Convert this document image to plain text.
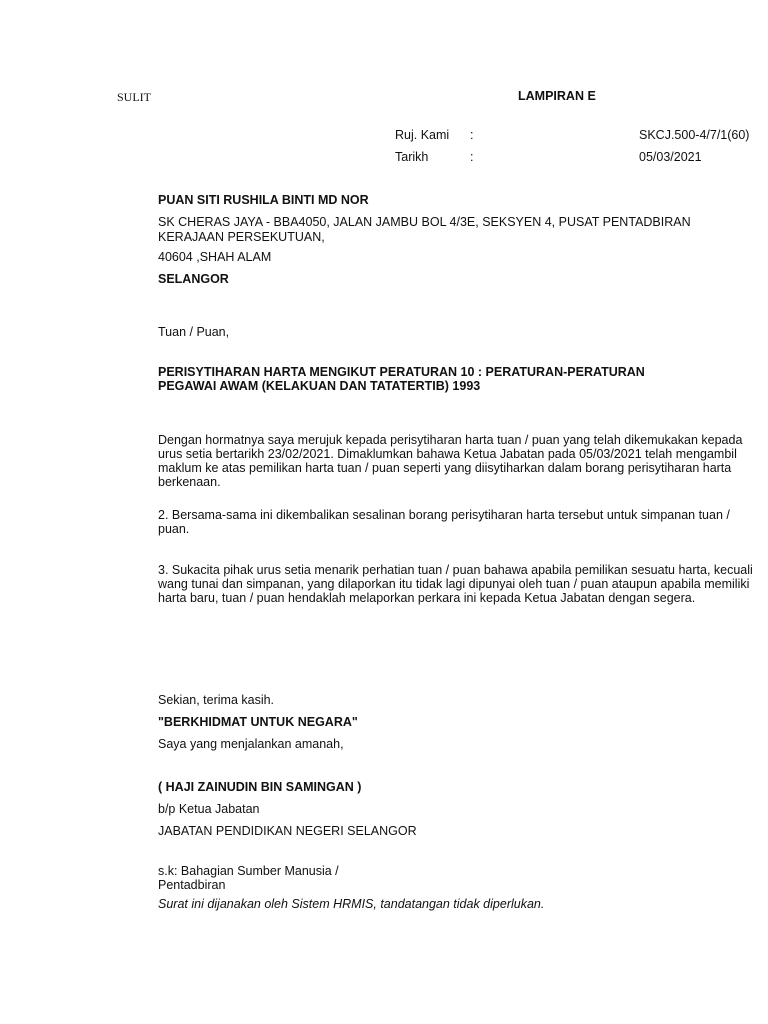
SULIT	LAMPIRAN E
Ruj. Kami :	SKCJ.500-4/7/1(60)
Tarikh	:	05/03/2021
PUAN SITI RUSHILA BINTI MD NOR
SK CHERAS JAYA - BBA4050, JALAN JAMBU BOL 4/3E, SEKSYEN 4, PUSAT PENTADBIRAN
KERAJAAN PERSEKUTUAN,
40604 ,SHAH ALAM
SELANGOR
Tuan / Puan,
PERISYTIHARAN HARTA MENGIKUT PERATURAN 10 : PERATURAN-PERATURAN
PEGAWAI AWAM (KELAKUAN DAN TATATERTIB) 1993
Dengan hormatnya saya merujuk kepada perisytiharan harta tuan / puan yang telah dikemukakan kepada
urus setia bertarikh 23/02/2021. Dimaklumkan bahawa Ketua Jabatan pada 05/03/2021 telah mengambil
maklum ke atas pemilikan harta tuan / puan seperti yang diisytiharkan dalam borang perisytiharan harta
berkenaan.
2. Bersama-sama ini dikembalikan sesalinan borang perisytiharan harta tersebut untuk simpanan tuan /
puan.
3. Sukacita pihak urus setia menarik perhatian tuan / puan bahawa apabila pemilikan sesuatu harta, kecuali
wang tunai dan simpanan, yang dilaporkan itu tidak lagi dipunyai oleh tuan / puan ataupun apabila memiliki
harta baru, tuan / puan hendaklah melaporkan perkara ini kepada Ketua Jabatan dengan segera.
Sekian, terima kasih.
"BERKHIDMAT UNTUK NEGARA"
Saya yang menjalankan amanah,
( HAJI ZAINUDIN BIN SAMINGAN )
b/p Ketua Jabatan
JABATAN PENDIDIKAN NEGERI SELANGOR
s.k: Bahagian Sumber Manusia /
Pentadbiran
Surat ini dijanakan oleh Sistem HRMIS, tandatangan tidak diperlukan.
